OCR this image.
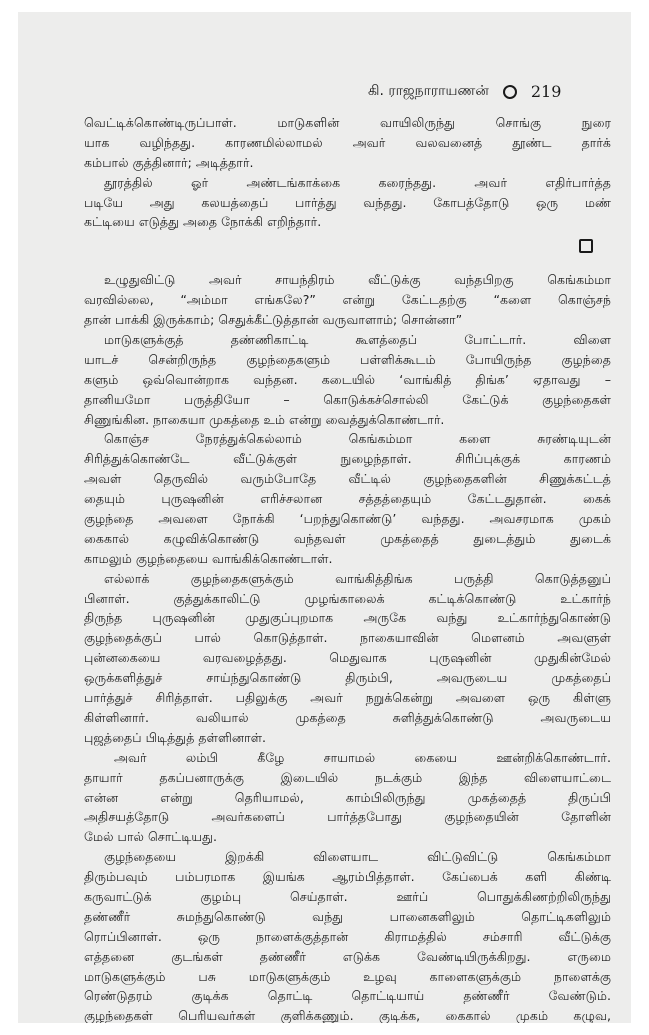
கி. ராஜநாராயணன்	219
வெட்டிக்கொண்டிருப்பாள். மாடுகளின் வாயிலிருந்து சொங்கு நுரை
யாக வழிந்தது. காரணமில்லாமல் அவர் வலவனைத் தூண்ட தார்க்
கம்பால் குத்தினார்; அடித்தார்.
தூரத்தில் ஓர் அண்டங்காக்கை கரைந்தது. அவர் எதிர்பார்த்த
படியே அது கலயத்தைப் பார்த்து வந்தது. கோபத்தோடு ஒரு மண்
கட்டியை எடுத்து அதை நோக்கி எறிந்தார்.
உழுதுவிட்டு அவர் சாயந்திரம் வீட்டுக்கு வந்தபிறகு கெங்கம்மா
வரவில்லை, “அம்மா எங்கலே?” என்று கேட்டதற்கு “களை கொஞ்சந்
தான் பாக்கி இருக்காம்; செதுக்கீட்டுத்தான் வருவாளாம்; சொன்னா”
மாடுகளுக்குத் தண்ணிகாட்டி கூளத்தைப் போட்டார். விளை
யாடச் சென்றிருந்த குழந்தைகளும் பள்ளிக்கூடம் போயிருந்த குழந்தை
களும் ஒவ்வொன்றாக வந்தன. கடையில் ‘வாங்கித் திங்க’ ஏதாவது –
தானியமோ பருத்தியோ – கொடுக்கச்சொல்லி கேட்டுக் குழந்தைகள்
சிணுங்கின. நாகையா முகத்தை உம் என்று வைத்துக்கொண்டார்.
கொஞ்ச நேரத்துக்கெல்லாம் கெங்கம்மா களை சுரண்டியுடன்
சிரித்துக்கொண்டே வீட்டுக்குள் நுழைந்தாள். சிரிப்புக்குக் காரணம்
அவள் தெருவில் வரும்போதே வீட்டில் குழந்தைகளின் சிணுக்கட்டத்
தையும் புருஷனின் எரிச்சலான சத்தத்தையும் கேட்டதுதான். கைக்
குழந்தை அவளை நோக்கி ‘பறந்துகொண்டு’ வந்தது. அவசரமாக முகம்
கைகால் கழுவிக்கொண்டு வந்தவள் முகத்தைத் துடைத்தும் துடைக்
காமலும் குழந்தையை வாங்கிக்கொண்டாள்.
எல்லாக் குழந்தைகளுக்கும் வாங்கித்திங்க பருத்தி கொடுத்தனுப்
பினாள். குத்துக்காலிட்டு முழங்காலைக் கட்டிக்கொண்டு உட்கார்ந்
திருந்த புருஷனின் முதுகுப்புறமாக அருகே வந்து உட்கார்ந்துகொண்டு
குழந்தைக்குப் பால் கொடுத்தாள். நாகையாவின் மௌனம் அவளுள்
புன்னகையை வரவழைத்தது. மெதுவாக புருஷனின் முதுகின்மேல்
ஒருக்களித்துச் சாய்ந்துகொண்டு திரும்பி, அவருடைய முகத்தைப்
பார்த்துச் சிரித்தாள். பதிலுக்கு அவர் நறுக்கென்று அவளை ஒரு கிள்ளு
கிள்ளினார். வலியால் முகத்தை சுளித்துக்கொண்டு அவருடைய
புஜத்தைப் பிடித்துத் தள்ளினாள்.
அவர் லம்பி கீழே சாயாமல் கையை ஊன்றிக்கொண்டார்.
தாயார் தகப்பனாருக்கு இடையில் நடக்கும் இந்த விளையாட்டை
என்ன என்று தெரியாமல், காம்பிலிருந்து முகத்தைத் திருப்பி
அதிசயத்தோடு அவர்களைப் பார்த்தபோது குழந்தையின் தோளின்
மேல் பால் சொட்டியது.
குழந்தையை இறக்கி விளையாட விட்டுவிட்டு கெங்கம்மா
திரும்பவும் பம்பரமாக இயங்க ஆரம்பித்தாள். கேப்பைக் களி கிண்டி
கருவாட்டுக் குழம்பு செய்தாள். ஊர்ப் பொதுக்கிணற்றிலிருந்து
தண்ணீர் சுமந்துகொண்டு வந்து பானைகளிலும் தொட்டிகளிலும்
ரொப்பினாள். ஒரு நாளைக்குத்தான் கிராமத்தில் சம்சாரி வீட்டுக்கு
எத்தனை குடங்கள் தண்ணீர் எடுக்க வேண்டியிருக்கிறது. எருமை
மாடுகளுக்கும் பசு மாடுகளுக்கும் உழவு காளைகளுக்கும் நாளைக்கு
ரெண்டுதரம் குடிக்க தொட்டி தொட்டியாய் தண்ணீர் வேண்டும்.
குழந்தைகள் பெரியவர்கள் குளிக்கணும். குடிக்க, கைகால் முகம் கழுவ,
